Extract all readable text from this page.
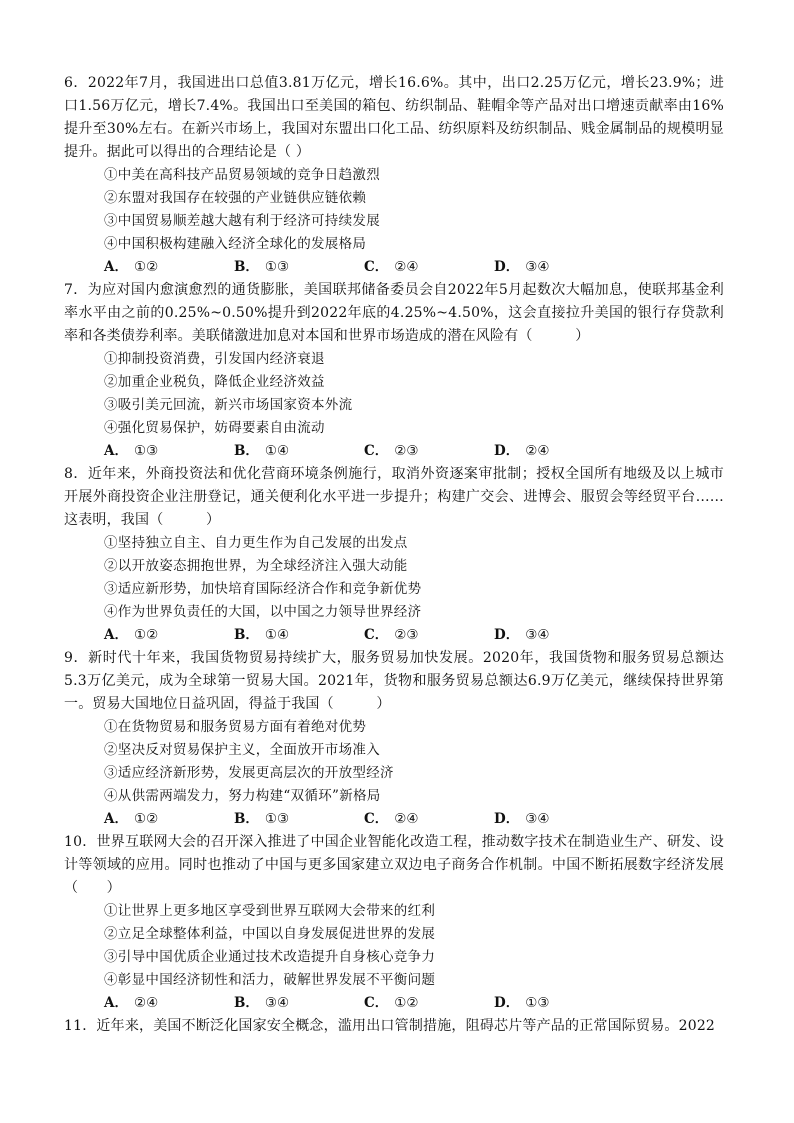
6．2022年7月，我国进出口总值3.81万亿元，增长16.6%。其中，出口2.25万亿元，增长23.9%；进口1.56万亿元，增长7.4%。我国出口至美国的箱包、纺织制品、鞋帽伞等产品对出口增速贡献率由16%提升至30%左右。在新兴市场上，我国对东盟出口化工品、纺织原料及纺织制品、贱金属制品的规模明显提升。据此可以得出的合理结论是（ ）
①中美在高科技产品贸易领域的竞争日趋激烈
②东盟对我国存在较强的产业链供应链依赖
③中国贸易顺差越大越有利于经济可持续发展
④中国积极构建融入经济全球化的发展格局
A． ①②	B． ①③	C． ②④	D． ③④
7．为应对国内愈演愈烈的通货膨胀，美国联邦储备委员会自2022年5月起数次大幅加息，使联邦基金利率水平由之前的0.25%~0.50%提升到2022年底的4.25%~4.50%，这会直接拉升美国的银行存贷款利率和各类债券利率。美联储激进加息对本国和世界市场造成的潜在风险有（　　　）
①抑制投资消费，引发国内经济衰退
②加重企业税负，降低企业经济效益
③吸引美元回流，新兴市场国家资本外流
④强化贸易保护，妨碍要素自由流动
A． ①③	B． ①④	C． ②③	D． ②④
8．近年来，外商投资法和优化营商环境条例施行，取消外资逐案审批制；授权全国所有地级及以上城市开展外商投资企业注册登记，通关便利化水平进一步提升；构建广交会、进博会、服贸会等经贸平台……这表明，我国（　　　）
①坚持独立自主、自力更生作为自己发展的出发点
②以开放姿态拥抱世界，为全球经济注入强大动能
③适应新形势，加快培育国际经济合作和竞争新优势
④作为世界负责任的大国，以中国之力领导世界经济
A． ①②	B． ①④	C． ②③	D． ③④
9．新时代十年来，我国货物贸易持续扩大，服务贸易加快发展。2020年，我国货物和服务贸易总额达5.3万亿美元，成为全球第一贸易大国。2021年，货物和服务贸易总额达6.9万亿美元，继续保持世界第一。贸易大国地位日益巩固，得益于我国（　　　）
①在货物贸易和服务贸易方面有着绝对优势
②坚决反对贸易保护主义，全面放开市场准入
③适应经济新形势，发展更高层次的开放型经济
④从供需两端发力，努力构建“双循环”新格局
A． ①②	B． ①③	C． ②④	D． ③④
10．世界互联网大会的召开深入推进了中国企业智能化改造工程，推动数字技术在制造业生产、研发、设计等领域的应用。同时也推动了中国与更多国家建立双边电子商务合作机制。中国不断拓展数字经济发展（　　）
①让世界上更多地区享受到世界互联网大会带来的红利
②立足全球整体利益，中国以自身发展促进世界的发展
③引导中国优质企业通过技术改造提升自身核心竞争力
④彰显中国经济韧性和活力，破解世界发展不平衡问题
A． ②④	B． ③④	C． ①②	D． ①③
11．近年来，美国不断泛化国家安全概念，滥用出口管制措施，阻碍芯片等产品的正常国际贸易。2022
